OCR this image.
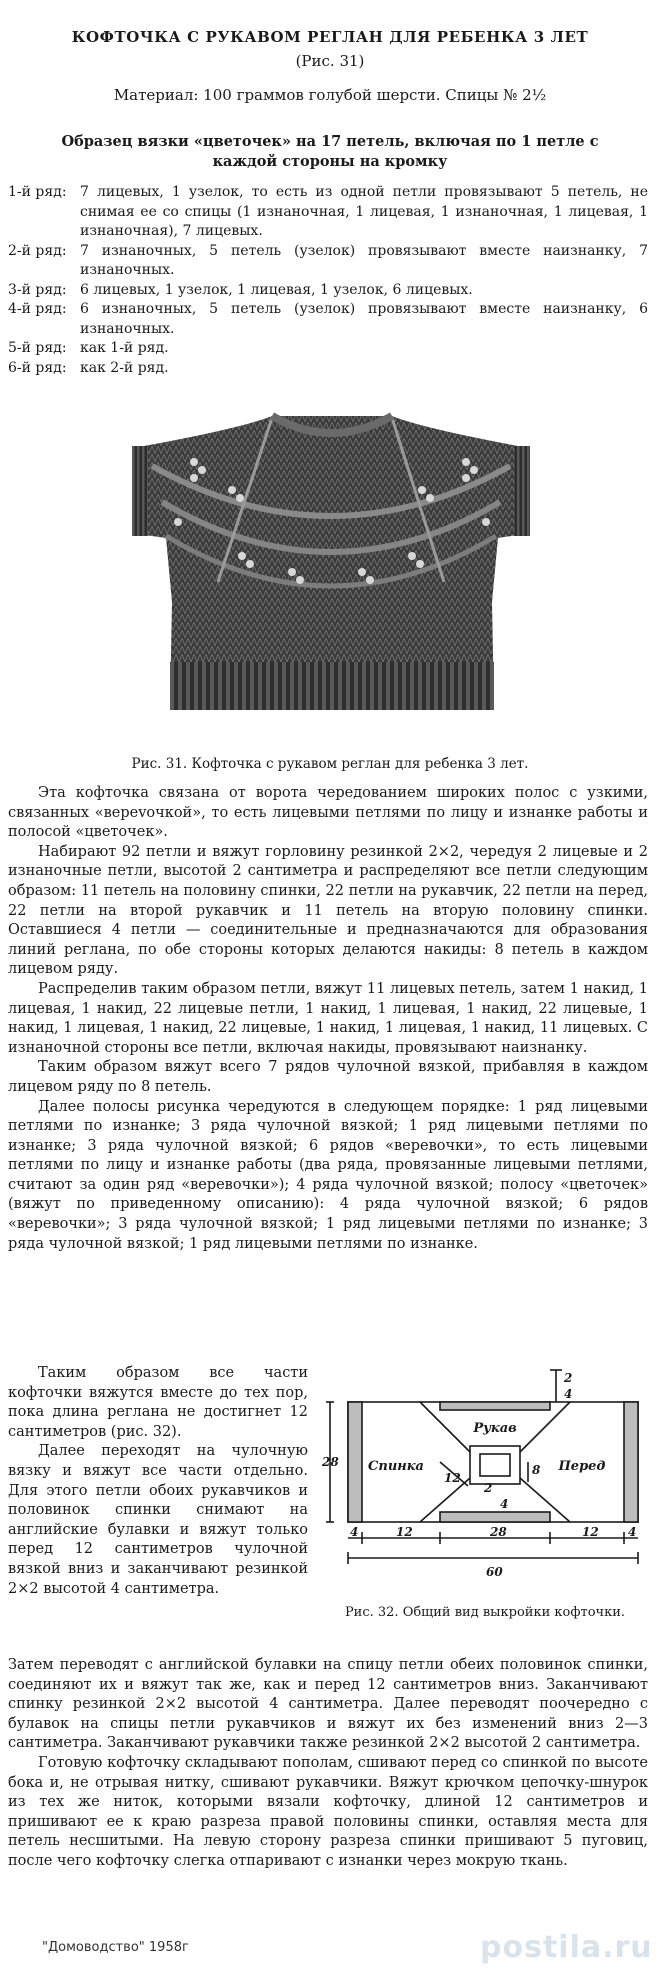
КОФТОЧКА С РУКАВОМ РЕГЛАН ДЛЯ РЕБЕНКА 3 ЛЕТ
(Рис. 31)
Материал: 100 граммов голубой шерсти. Спицы № 2½
Образец вязки «цветочек» на 17 петель, включая по 1 петле с каждой стороны на кромку
1-й ряд: 7 лицевых, 1 узелок, то есть из одной петли провязывают 5 петель, не снимая ее со спицы (1 изнаночная, 1 лицевая, 1 изнаночная, 1 лицевая, 1 изнаночная), 7 лицевых.
2-й ряд: 7 изнаночных, 5 петель (узелок) провязывают вместе наизнанку, 7 изнаночных.
3-й ряд: 6 лицевых, 1 узелок, 1 лицевая, 1 узелок, 6 лицевых.
4-й ряд: 6 изнаночных, 5 петель (узелок) провязывают вместе наизнанку, 6 изнаночных.
5-й ряд: как 1-й ряд.
6-й ряд: как 2-й ряд.
Рис. 31. Кофточка с рукавом реглан для ребенка 3 лет.

Эта кофточка связана от ворота чередованием широких полос с узкими, связанных «верevочкой», то есть лицевыми петлями по лицу и изнанке работы и полосой «цветочек».

Набирают 92 петли и вяжут горловину резинкой 2×2, чередуя 2 лицевые и 2 изнаночные петли, высотой 2 сантиметра и распределяют все петли следующим образом: 11 петель на половину спинки, 22 петли на рукавчик, 22 петли на перед, 22 петли на второй рукавчик и 11 петель на вторую половину спинки. Оставшиеся 4 петли — соединительные и предназначаются для образования линий реглана, по обе стороны которых делаются накиды: 8 петель в каждом лицевом ряду.

Распределив таким образом петли, вяжут 11 лицевых петель, затем 1 накид, 1 лицевая, 1 накид, 22 лицевые петли, 1 накид, 1 лицевая, 1 накид, 22 лицевые, 1 накид, 1 лицевая, 1 накид, 22 лицевые, 1 накид, 1 лицевая, 1 накид, 11 лицевых. С изнаночной стороны все петли, включая накиды, провязывают наизнанку.

Таким образом вяжут всего 7 рядов чулочной вязкой, прибавляя в каждом лицевом ряду по 8 петель.

Далее полосы рисунка чередуются в следующем порядке: 1 ряд лицевыми петлями по изнанке; 3 ряда чулочной вязкой; 1 ряд лицевыми петлями по изнанке; 3 ряда чулочной вязкой; 6 рядов «веревочки», то есть лицевыми петлями по лицу и изнанке работы (два ряда, провязанные лицевыми петлями, считают за один ряд «веревочки»); 4 ряда чулочной вязкой; полосу «цветочек» (вяжут по приведенному описанию): 4 ряда чулочной вязкой; 6 рядов «веревочки»; 3 ряда чулочной вязкой; 1 ряд лицевыми петлями по изнанке; 3 ряда чулочной вязкой; 1 ряд лицевыми петлями по изнанке.

Таким образом все части кофточки вяжутся вместе до тех пор, пока длина реглана не достигнет 12 сантиметров (рис. 32).

Далее переходят на чулочную вязку и вяжут все части отдельно. Для этого петли обоих рукавчиков и половинок спинки снимают на английские булавки и вяжут только перед 12 сантиметров чулочной вязкой вниз и заканчивают резинкой 2×2 высотой 4 сантиметра.

Рукав
Спинка	Перед
2
4
28
12
2
4
8
4	12	28	12 4
60
Рис. 32. Общий вид выкройки кофточки.

Затем переводят с английской булавки на спицу петли обеих половинок спинки, соединяют их и вяжут так же, как и перед 12 сантиметров вниз. Заканчивают спинку резинкой 2×2 высотой 4 сантиметра. Далее переводят поочередно с булавок на спицы петли рукавчиков и вяжут их без изменений вниз 2—3 сантиметра. Заканчивают рукавчики также резинкой 2×2 высотой 2 сантиметра.

Готовую кофточку складывают пополам, сшивают перед со спинкой по высоте бока и, не отрывая нитку, сшивают рукавчики. Вяжут крючком цепочку-шнурок из тех же ниток, которыми вязали кофточку, длиной 12 сантиметров и пришивают ее к краю разреза правой половины спинки, оставляя места для петель несшитыми. На левую сторону разреза спинки пришивают 5 пуговиц, после чего кофточку слегка отпаривают с изнанки через мокрую ткань.

"Домоводство" 1958г	postila.ru
